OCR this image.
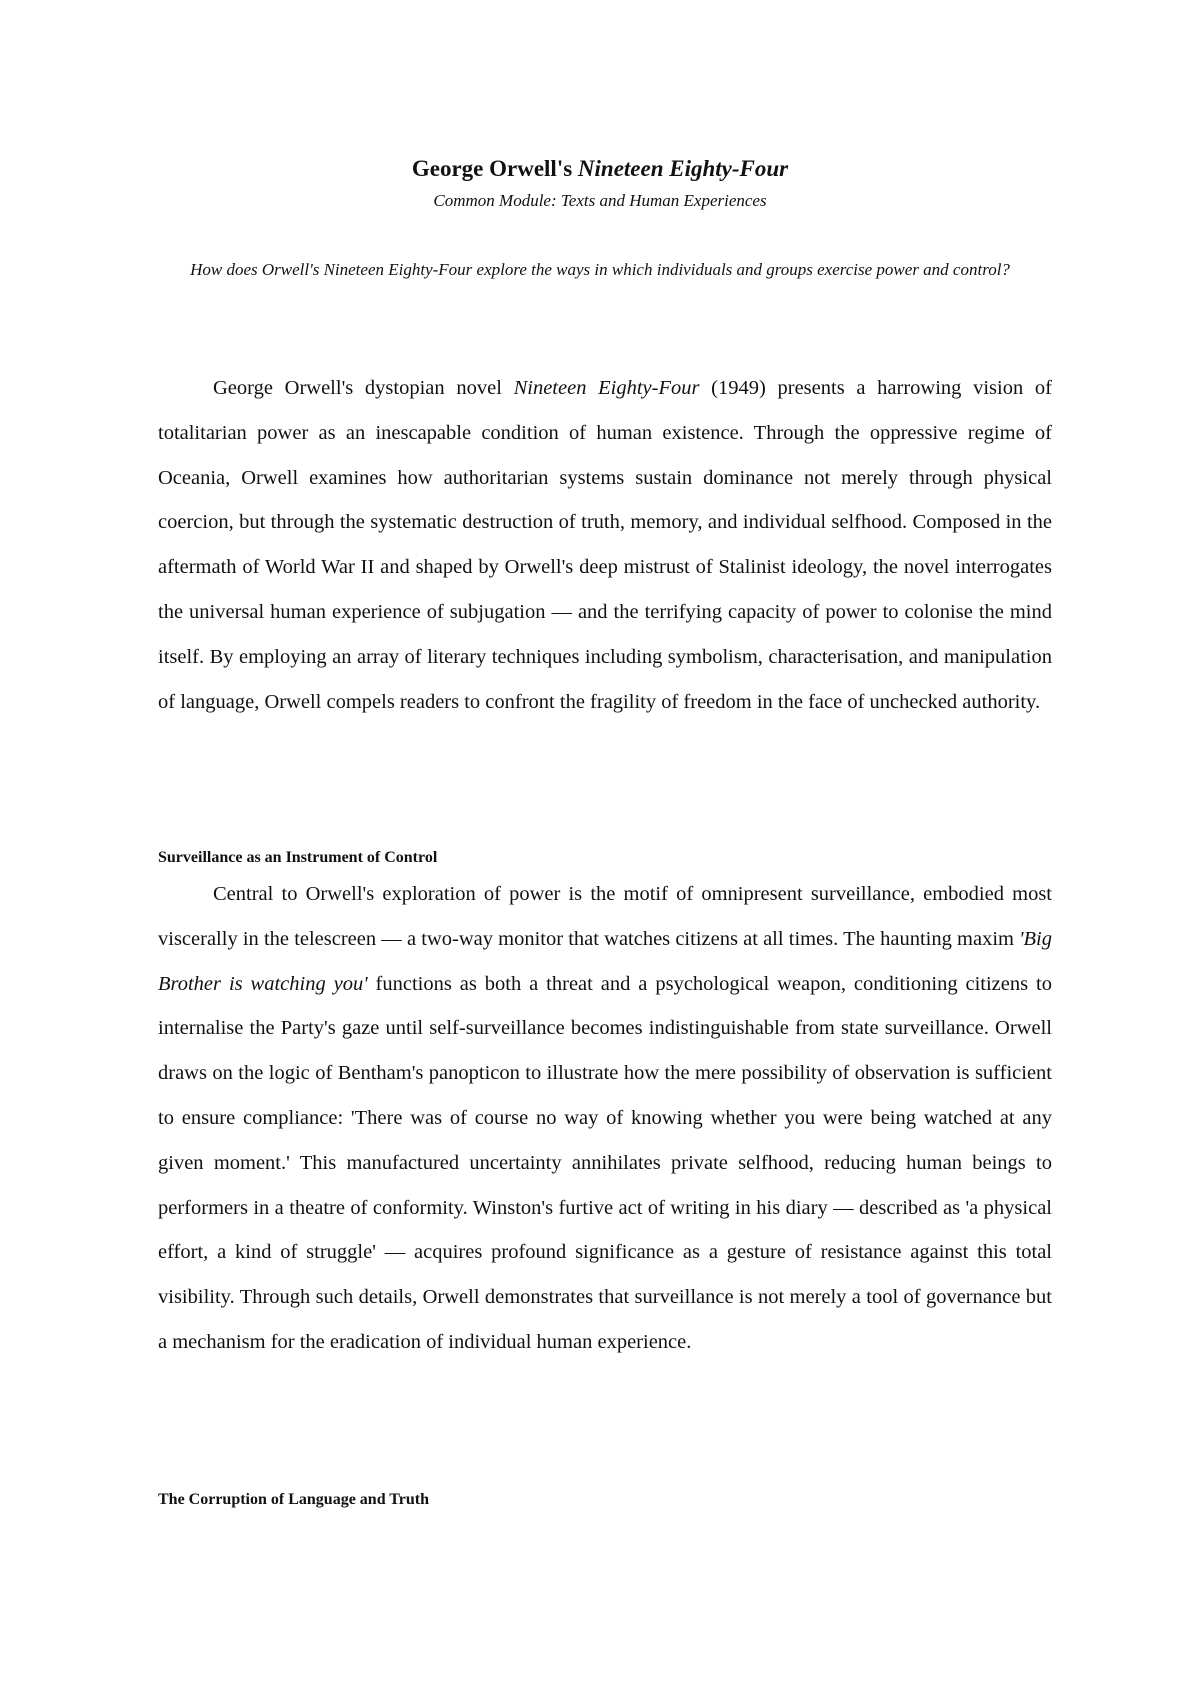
George Orwell's Nineteen Eighty-Four

Common Module: Texts and Human Experiences

How does Orwell's Nineteen Eighty-Four explore the ways in which individuals and groups exercise power and control?

George Orwell's dystopian novel Nineteen Eighty-Four (1949) presents a harrowing vision of totalitarian power as an inescapable condition of human existence. Through the oppressive regime of Oceania, Orwell examines how authoritarian systems sustain dominance not merely through physical coercion, but through the systematic destruction of truth, memory, and individual selfhood. Composed in the aftermath of World War II and shaped by Orwell's deep mistrust of Stalinist ideology, the novel interrogates the universal human experience of subjugation — and the terrifying capacity of power to colonise the mind itself. By employing an array of literary techniques including symbolism, characterisation, and manipulation of language, Orwell compels readers to confront the fragility of freedom in the face of unchecked authority.

Surveillance as an Instrument of Control

Central to Orwell's exploration of power is the motif of omnipresent surveillance, embodied most viscerally in the telescreen — a two-way monitor that watches citizens at all times. The haunting maxim 'Big Brother is watching you' functions as both a threat and a psychological weapon, conditioning citizens to internalise the Party's gaze until self-surveillance becomes indistinguishable from state surveillance. Orwell draws on the logic of Bentham's panopticon to illustrate how the mere possibility of observation is sufficient to ensure compliance: 'There was of course no way of knowing whether you were being watched at any given moment.' This manufactured uncertainty annihilates private selfhood, reducing human beings to performers in a theatre of conformity. Winston's furtive act of writing in his diary — described as 'a physical effort, a kind of struggle' — acquires profound significance as a gesture of resistance against this total visibility. Through such details, Orwell demonstrates that surveillance is not merely a tool of governance but a mechanism for the eradication of individual human experience.

The Corruption of Language and Truth
